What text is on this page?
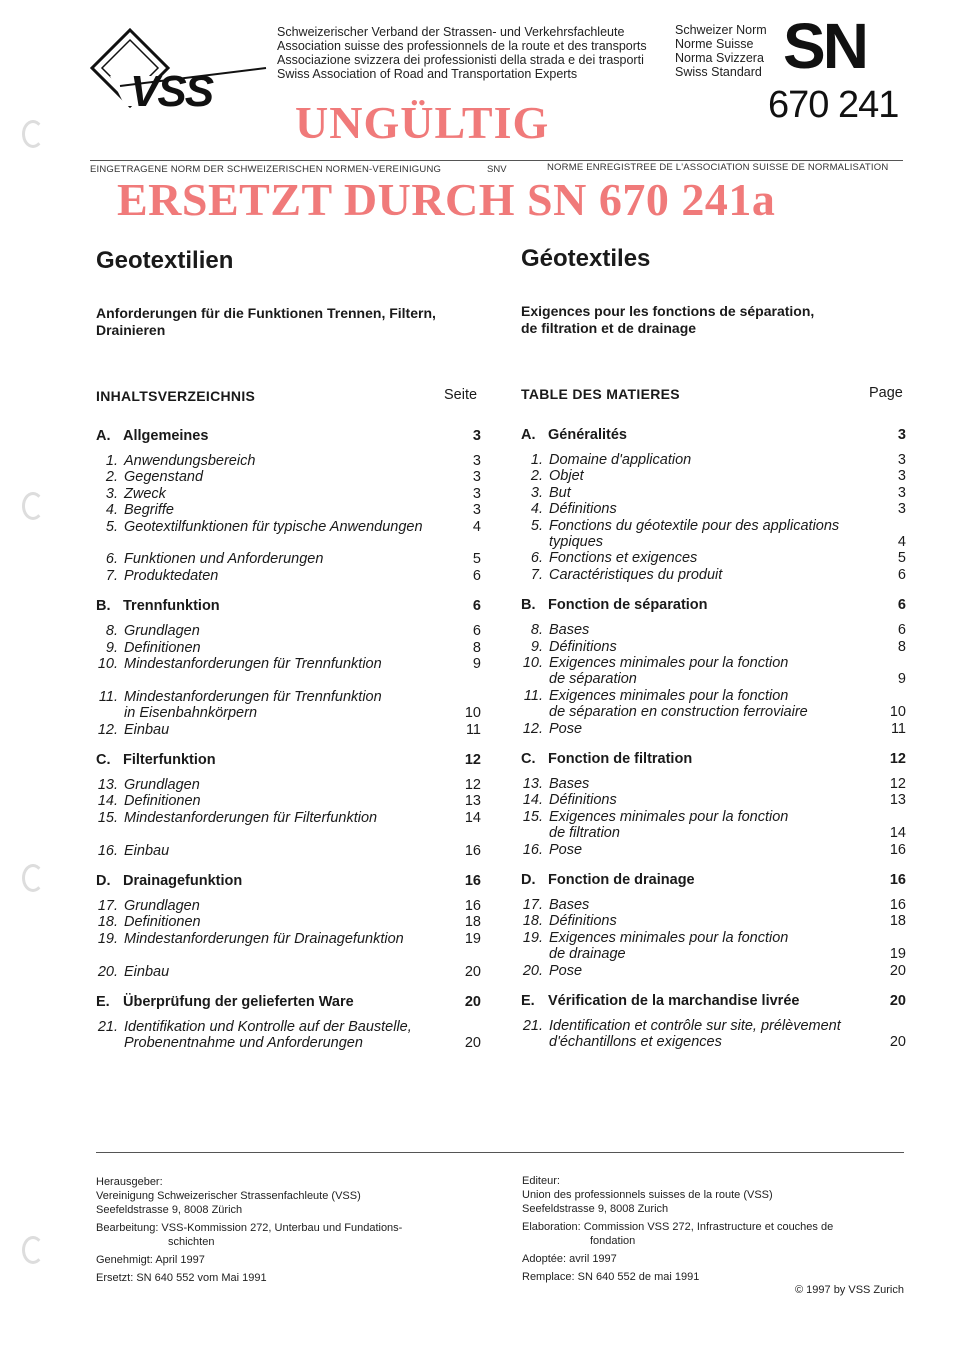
VSS
Schweizerischer Verband der Strassen- und Verkehrsfachleute
Association suisse des professionnels de la route et des transports
Associazione svizzera dei professionisti della strada e dei trasporti
Swiss Association of Road and Transportation Experts
Schweizer Norm
Norme Suisse
Norma Svizzera
Swiss Standard SN
670 241
UNGÜLTIG
EINGETRAGENE NORM DER SCHWEIZERISCHEN NORMEN-VEREINIGUNG	SNV	NORME ENREGISTREE DE L'ASSOCIATION SUISSE DE NORMALISATION
ERSETZT DURCH SN 670 241a
Geotextilien	Géotextiles
Anforderungen für die Funktionen Trennen, Filtern,
Drainieren
Exigences pour les fonctions de séparation,
de filtration et de drainage
INHALTSVERZEICHNIS	Seite	TABLE DES MATIERES	Page
A. Allgemeines	3
1. Anwendungsbereich	3
2. Gegenstand	3
3. Zweck	3
4. Begriffe	3
5. Geotextilfunktionen für typische Anwendungen	4
6. Funktionen und Anforderungen	5
7. Produktedaten	6
B. Trennfunktion	6
8. Grundlagen	6
9. Definitionen	8
10. Mindestanforderungen für Trennfunktion	9
11. Mindestanforderungen für Trennfunktion
in Eisenbahnkörpern	10
12. Einbau	11
C. Filterfunktion	12
13. Grundlagen	12
14. Definitionen	13
15. Mindestanforderungen für Filterfunktion	14
16. Einbau	16
D. Drainagefunktion	16
17. Grundlagen	16
18. Definitionen	18
19. Mindestanforderungen für Drainagefunktion	19
20. Einbau	20
E. Überprüfung der gelieferten Ware	20
21. Identifikation und Kontrolle auf der Baustelle,
Probenentnahme und Anforderungen	20
A. Généralités	3
1. Domaine d'application	3
2. Objet	3
3. But	3
4. Définitions	3
5. Fonctions du géotextile pour des applications
typiques	4
6. Fonctions et exigences	5
7. Caractéristiques du produit	6
B. Fonction de séparation	6
8. Bases	6
9. Définitions	8
10. Exigences minimales pour la fonction
de séparation	9
11. Exigences minimales pour la fonction
de séparation en construction ferroviaire	10
12. Pose	11
C. Fonction de filtration	12
13. Bases	12
14. Définitions	13
15. Exigences minimales pour la fonction
de filtration	14
16. Pose	16
D. Fonction de drainage	16
17. Bases	16
18. Définitions	18
19. Exigences minimales pour la fonction
de drainage	19
20. Pose	20
E. Vérification de la marchandise livrée	20
21. Identification et contrôle sur site, prélèvement
d'échantillons et exigences	20
Herausgeber:
Vereinigung Schweizerischer Strassenfachleute (VSS)
Seefeldstrasse 9, 8008 Zürich
Bearbeitung: VSS-Kommission 272, Unterbau und Fundations-
schichten
Genehmigt: April 1997
Ersetzt: SN 640 552 vom Mai 1991
Editeur:
Union des professionnels suisses de la route (VSS)
Seefeldstrasse 9, 8008 Zurich
Elaboration: Commission VSS 272, Infrastructure et couches de
fondation
Adoptée: avril 1997
Remplace: SN 640 552 de mai 1991
© 1997 by VSS Zurich
